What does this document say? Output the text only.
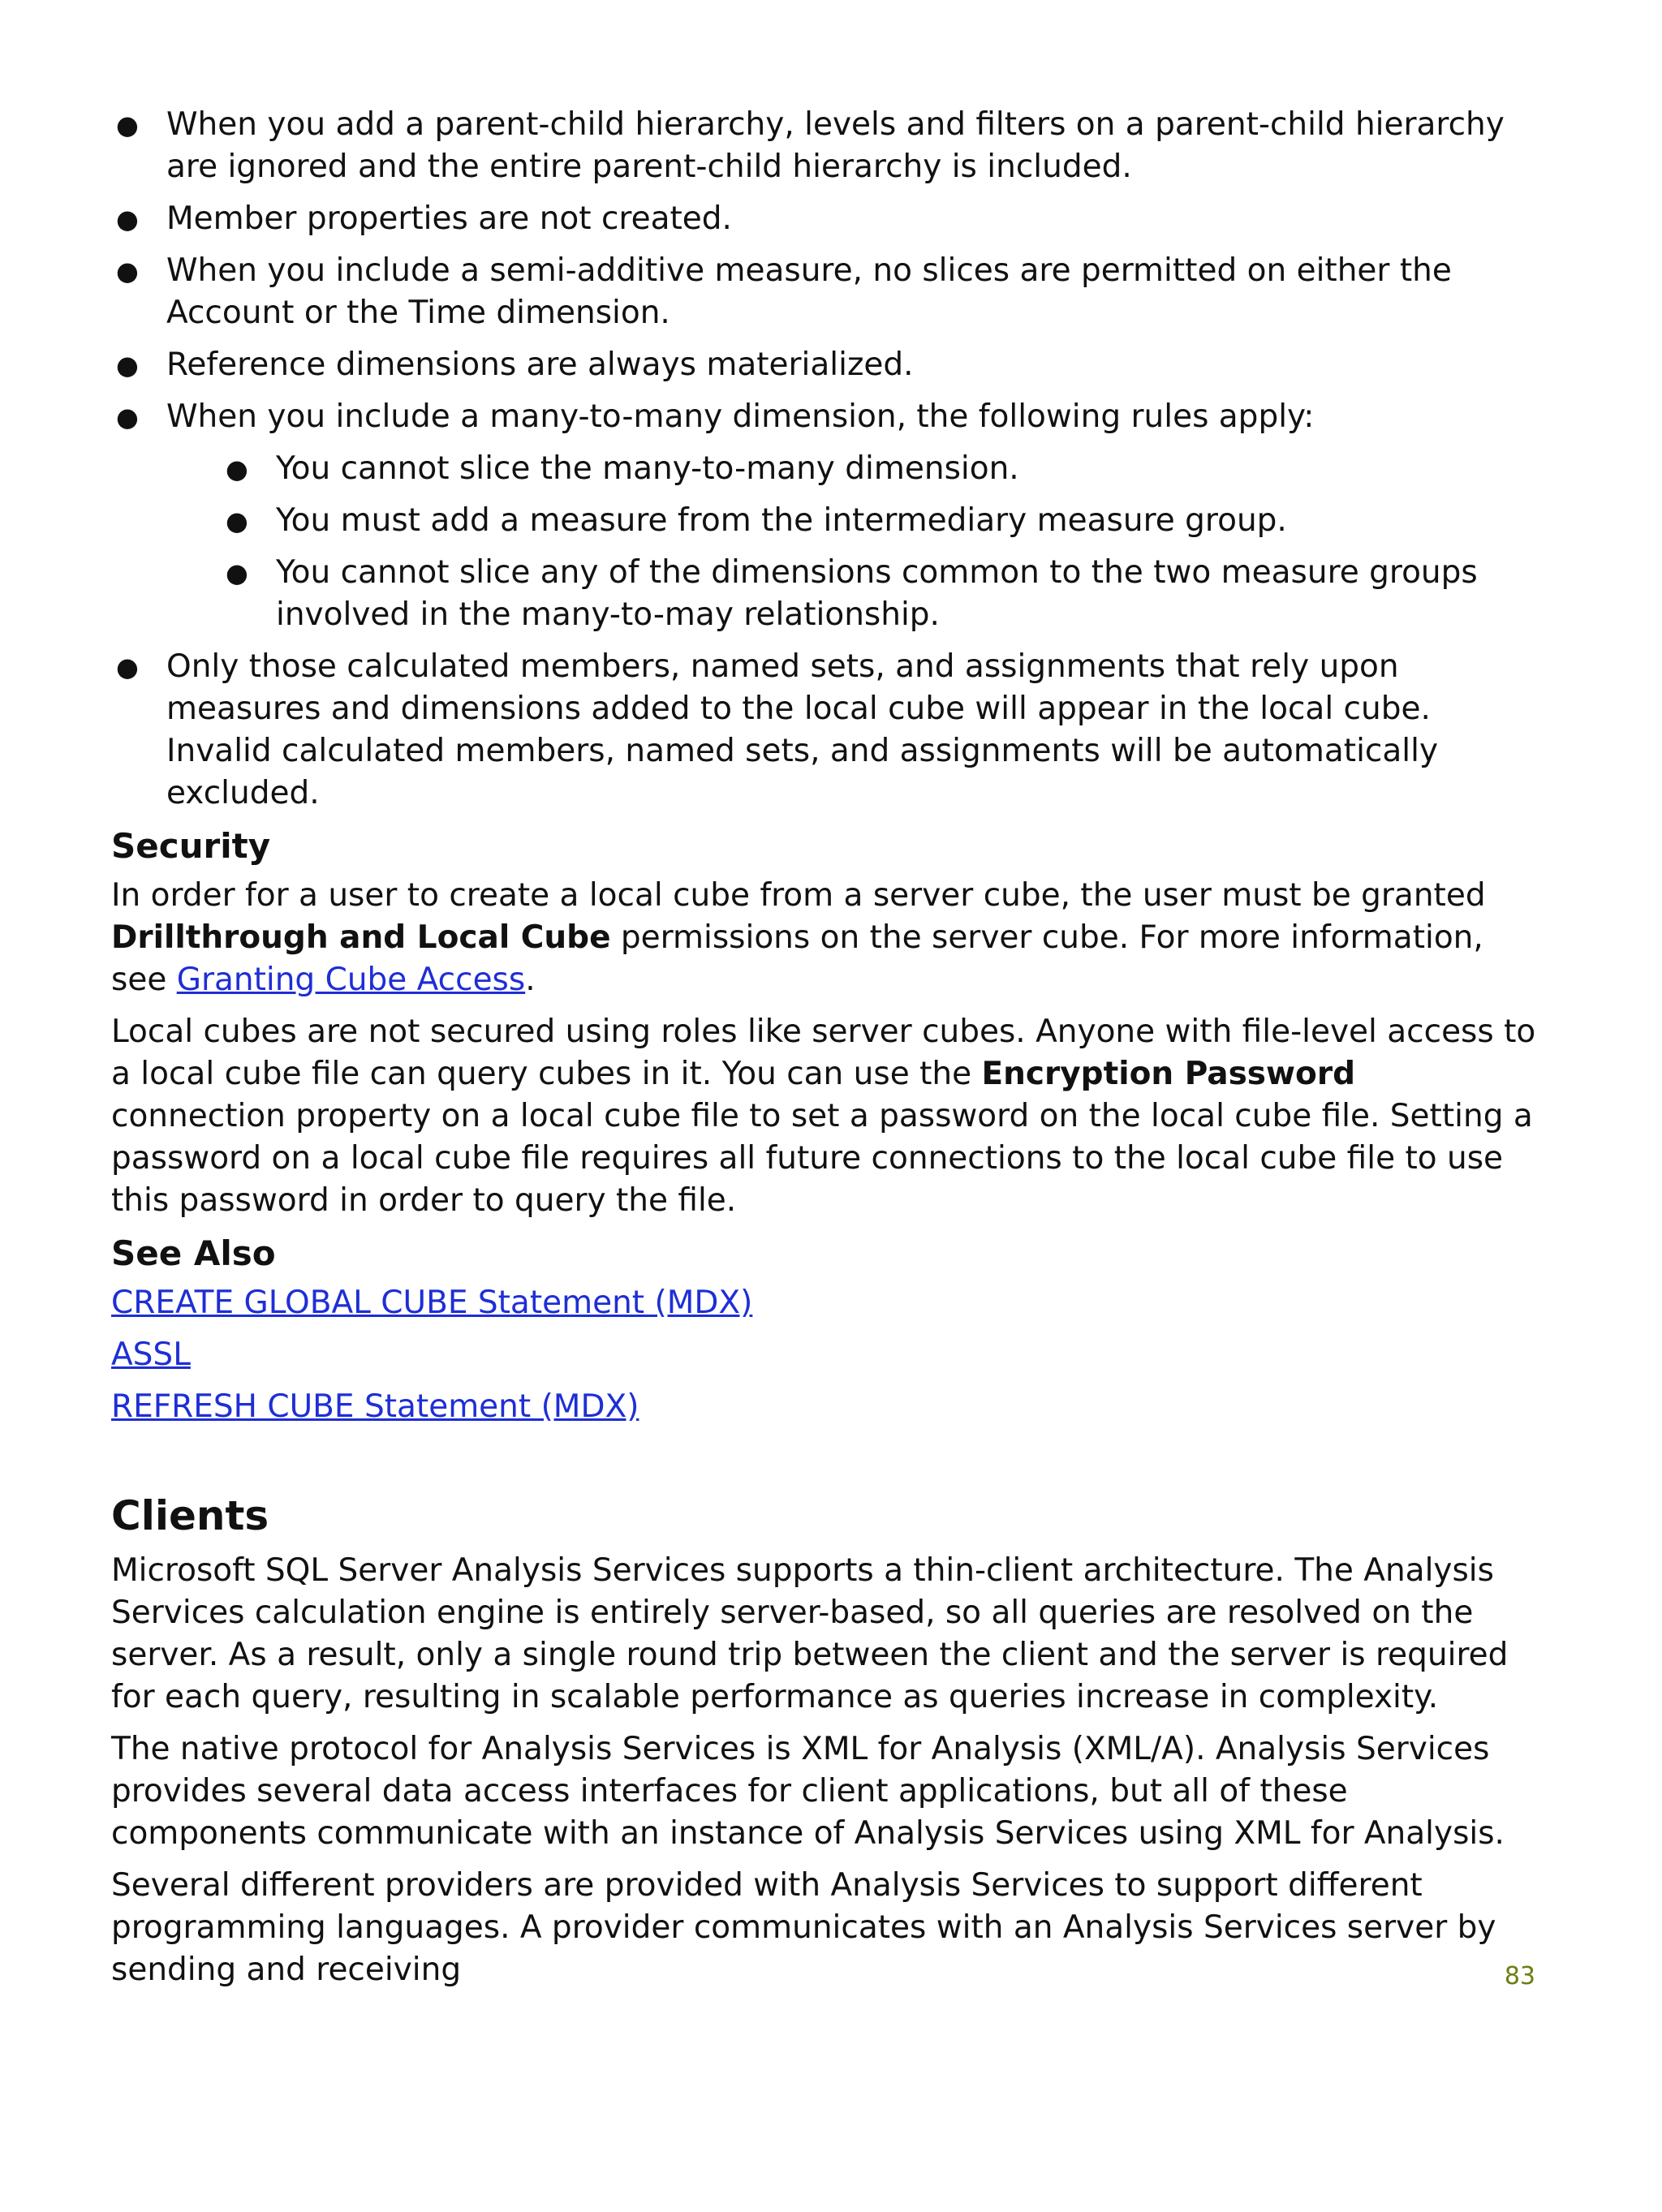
● When you add a parent-child hierarchy, levels and filters on a parent-child hierarchy are ignored and the entire parent-child hierarchy is included.
● Member properties are not created.
● When you include a semi-additive measure, no slices are permitted on either the Account or the Time dimension.
● Reference dimensions are always materialized.
● When you include a many-to-many dimension, the following rules apply:
● You cannot slice the many-to-many dimension.
● You must add a measure from the intermediary measure group.
● You cannot slice any of the dimensions common to the two measure groups involved in the many-to-may relationship.
● Only those calculated members, named sets, and assignments that rely upon measures and dimensions added to the local cube will appear in the local cube. Invalid calculated members, named sets, and assignments will be automatically excluded.
Security

In order for a user to create a local cube from a server cube, the user must be granted Drillthrough and Local Cube permissions on the server cube. For more information, see Granting Cube Access.

Local cubes are not secured using roles like server cubes. Anyone with file-level access to a local cube file can query cubes in it. You can use the Encryption Password connection property on a local cube file to set a password on the local cube file. Setting a password on a local cube file requires all future connections to the local cube file to use this password in order to query the file.

See Also

CREATE GLOBAL CUBE Statement (MDX)

ASSL

REFRESH CUBE Statement (MDX)

Clients

Microsoft SQL Server Analysis Services supports a thin-client architecture. The Analysis Services calculation engine is entirely server-based, so all queries are resolved on the server. As a result, only a single round trip between the client and the server is required for each query, resulting in scalable performance as queries increase in complexity.

The native protocol for Analysis Services is XML for Analysis (XML/A). Analysis Services provides several data access interfaces for client applications, but all of these components communicate with an instance of Analysis Services using XML for Analysis.

Several different providers are provided with Analysis Services to support different programming languages. A provider communicates with an Analysis Services server by sending and receiving	83
